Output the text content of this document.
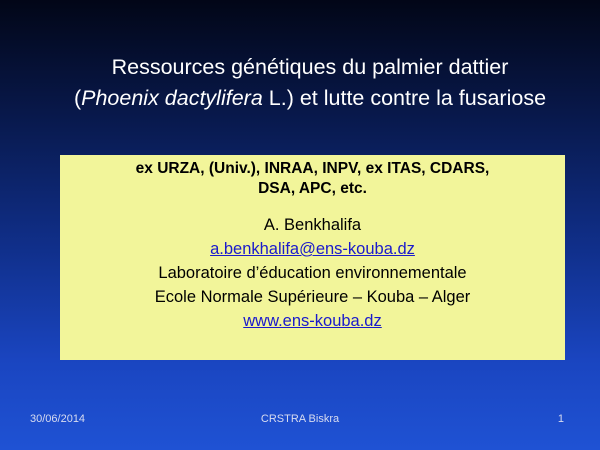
Ressources génétiques du palmier dattier
(Phoenix dactylifera L.) et lutte contre la fusariose
ex URZA, (Univ.), INRAA, INPV, ex ITAS, CDARS,
DSA, APC, etc.
A. Benkhalifa
a.benkhalifa@ens-kouba.dz
Laboratoire d’éducation environnementale
Ecole Normale Supérieure – Kouba – Alger
www.ens-kouba.dz
30/06/2014	CRSTRA Biskra	1
